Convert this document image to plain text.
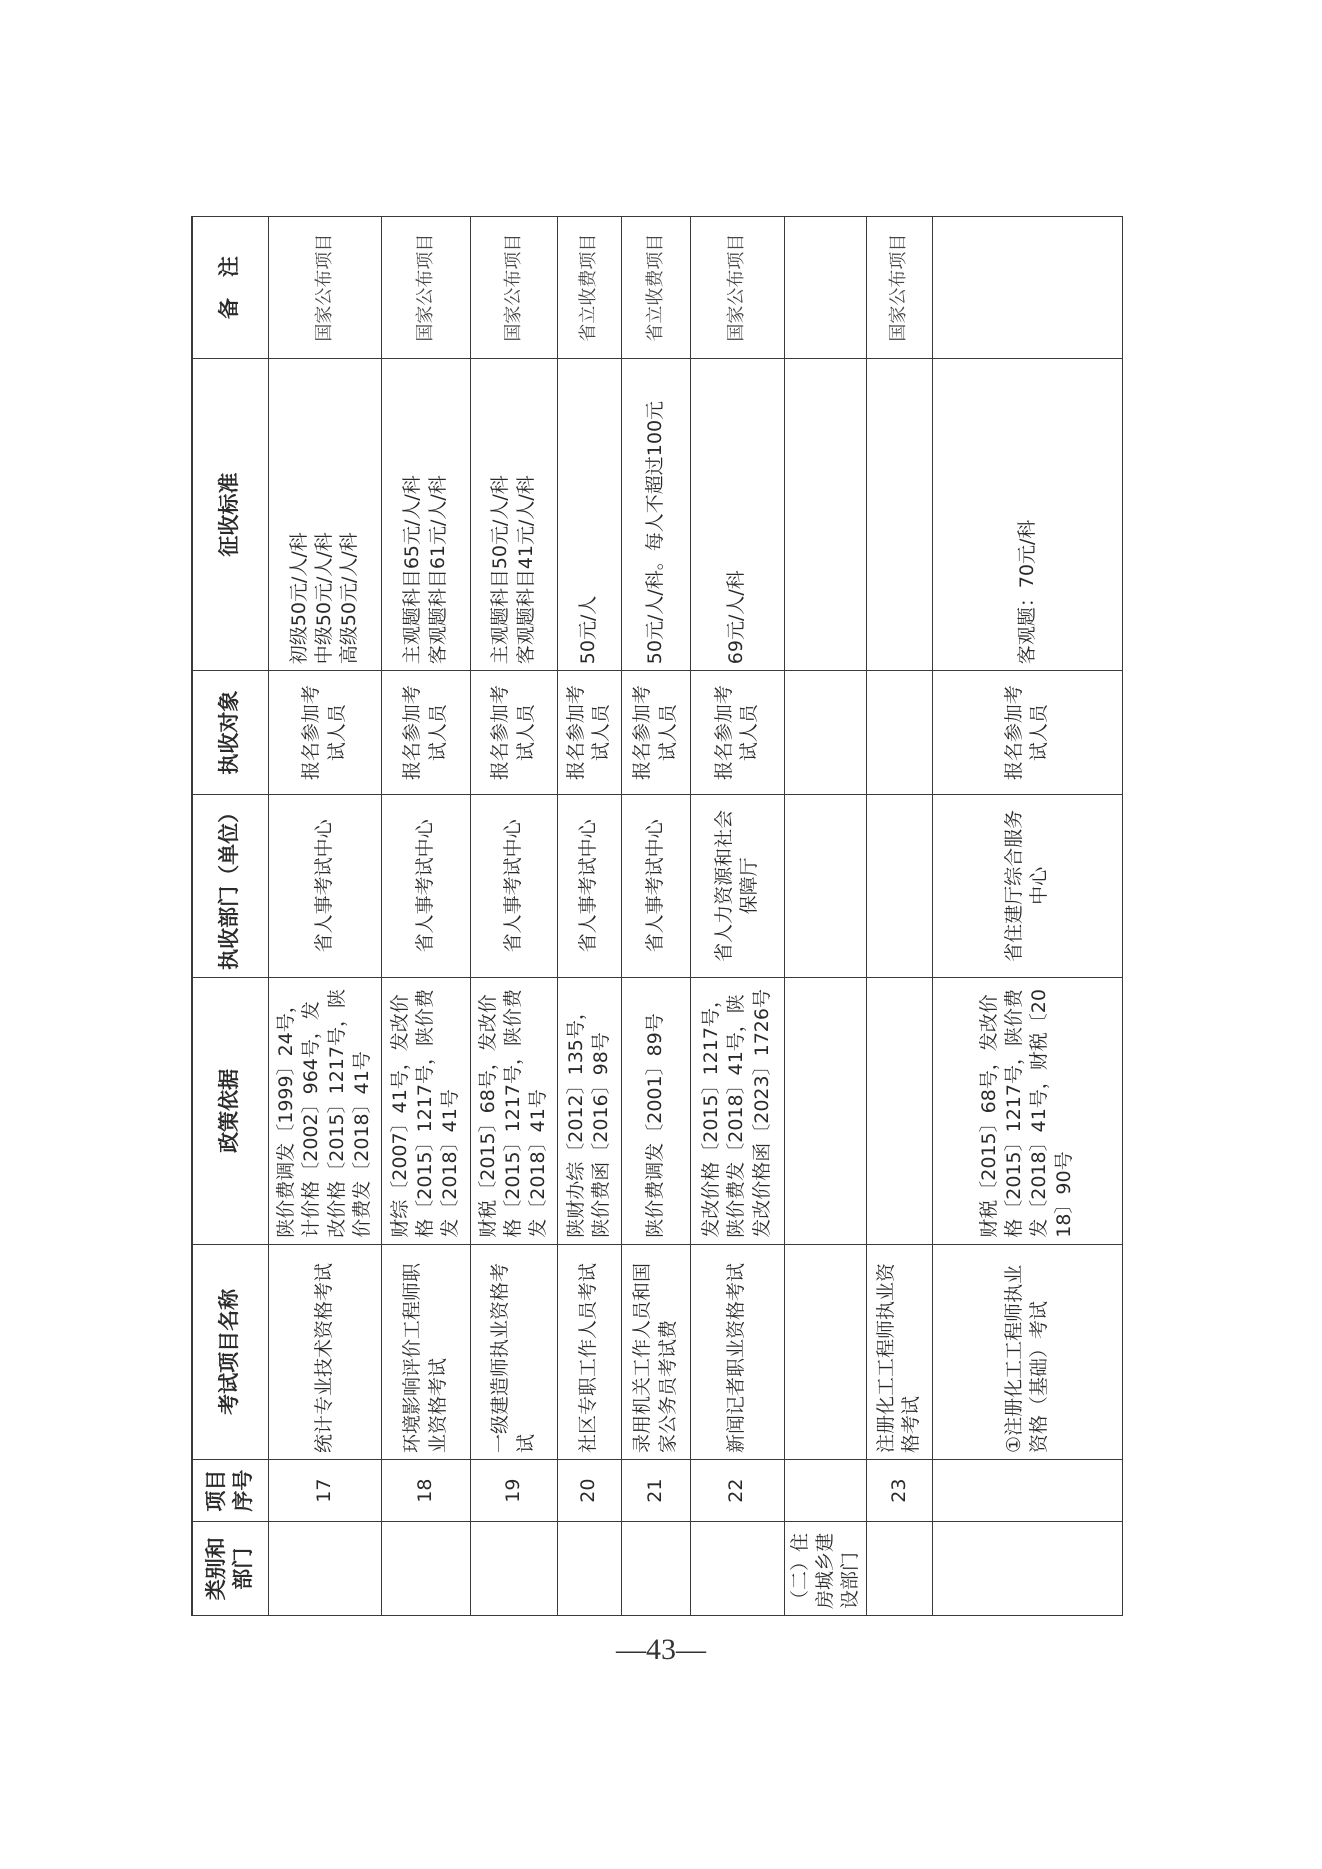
类别和部门	项目序号	考试项目名称	政策依据	执收部门（单位）	执收对象	征收标准	备　注
	17	统计专业技术资格考试	陕价费调发〔1999〕24号，计价格〔2002〕964号，发改价格〔2015〕1217号，陕价费发〔2018〕41号	省人事考试中心	报名参加考试人员	初级50元/人/科 中级50元/人/科 高级50元/人/科	国家公布项目
	18	环境影响评价工程师职业资格考试	财综〔2007〕41号，发改价格〔2015〕1217号，陕价费发〔2018〕41号	省人事考试中心	报名参加考试人员	主观题科目65元/人/科 客观题科目61元/人/科	国家公布项目
	19	一级建造师执业资格考试	财税〔2015〕68号，发改价格〔2015〕1217号，陕价费发〔2018〕41号	省人事考试中心	报名参加考试人员	主观题科目50元/人/科 客观题科目41元/人/科	国家公布项目
	20	社区专职工作人员考试	陕财办综〔2012〕135号，陕价费函〔2016〕98号	省人事考试中心	报名参加考试人员	50元/人	省立收费项目
	21	录用机关工作人员和国家公务员考试费	陕价费调发〔2001〕89号	省人事考试中心	报名参加考试人员	50元/人/科。每人不超过100元	省立收费项目
	22	新闻记者职业资格考试	发改价格〔2015〕1217号，陕价费发〔2018〕41号，陕发改价格函〔2023〕1726号	省人力资源和社会保障厅	报名参加考试人员	69元/人/科	国家公布项目
（二）住房城乡建设部门							
	23	注册化工工程师执业资格考试					国家公布项目
		①注册化工工程师执业资格（基础）考试	财税〔2015〕68号，发改价格〔2015〕1217号，陕价费发〔2018〕41号，财税〔2018〕90号	省住建厅综合服务中心	报名参加考试人员	客观题：70元/科	

—43—
